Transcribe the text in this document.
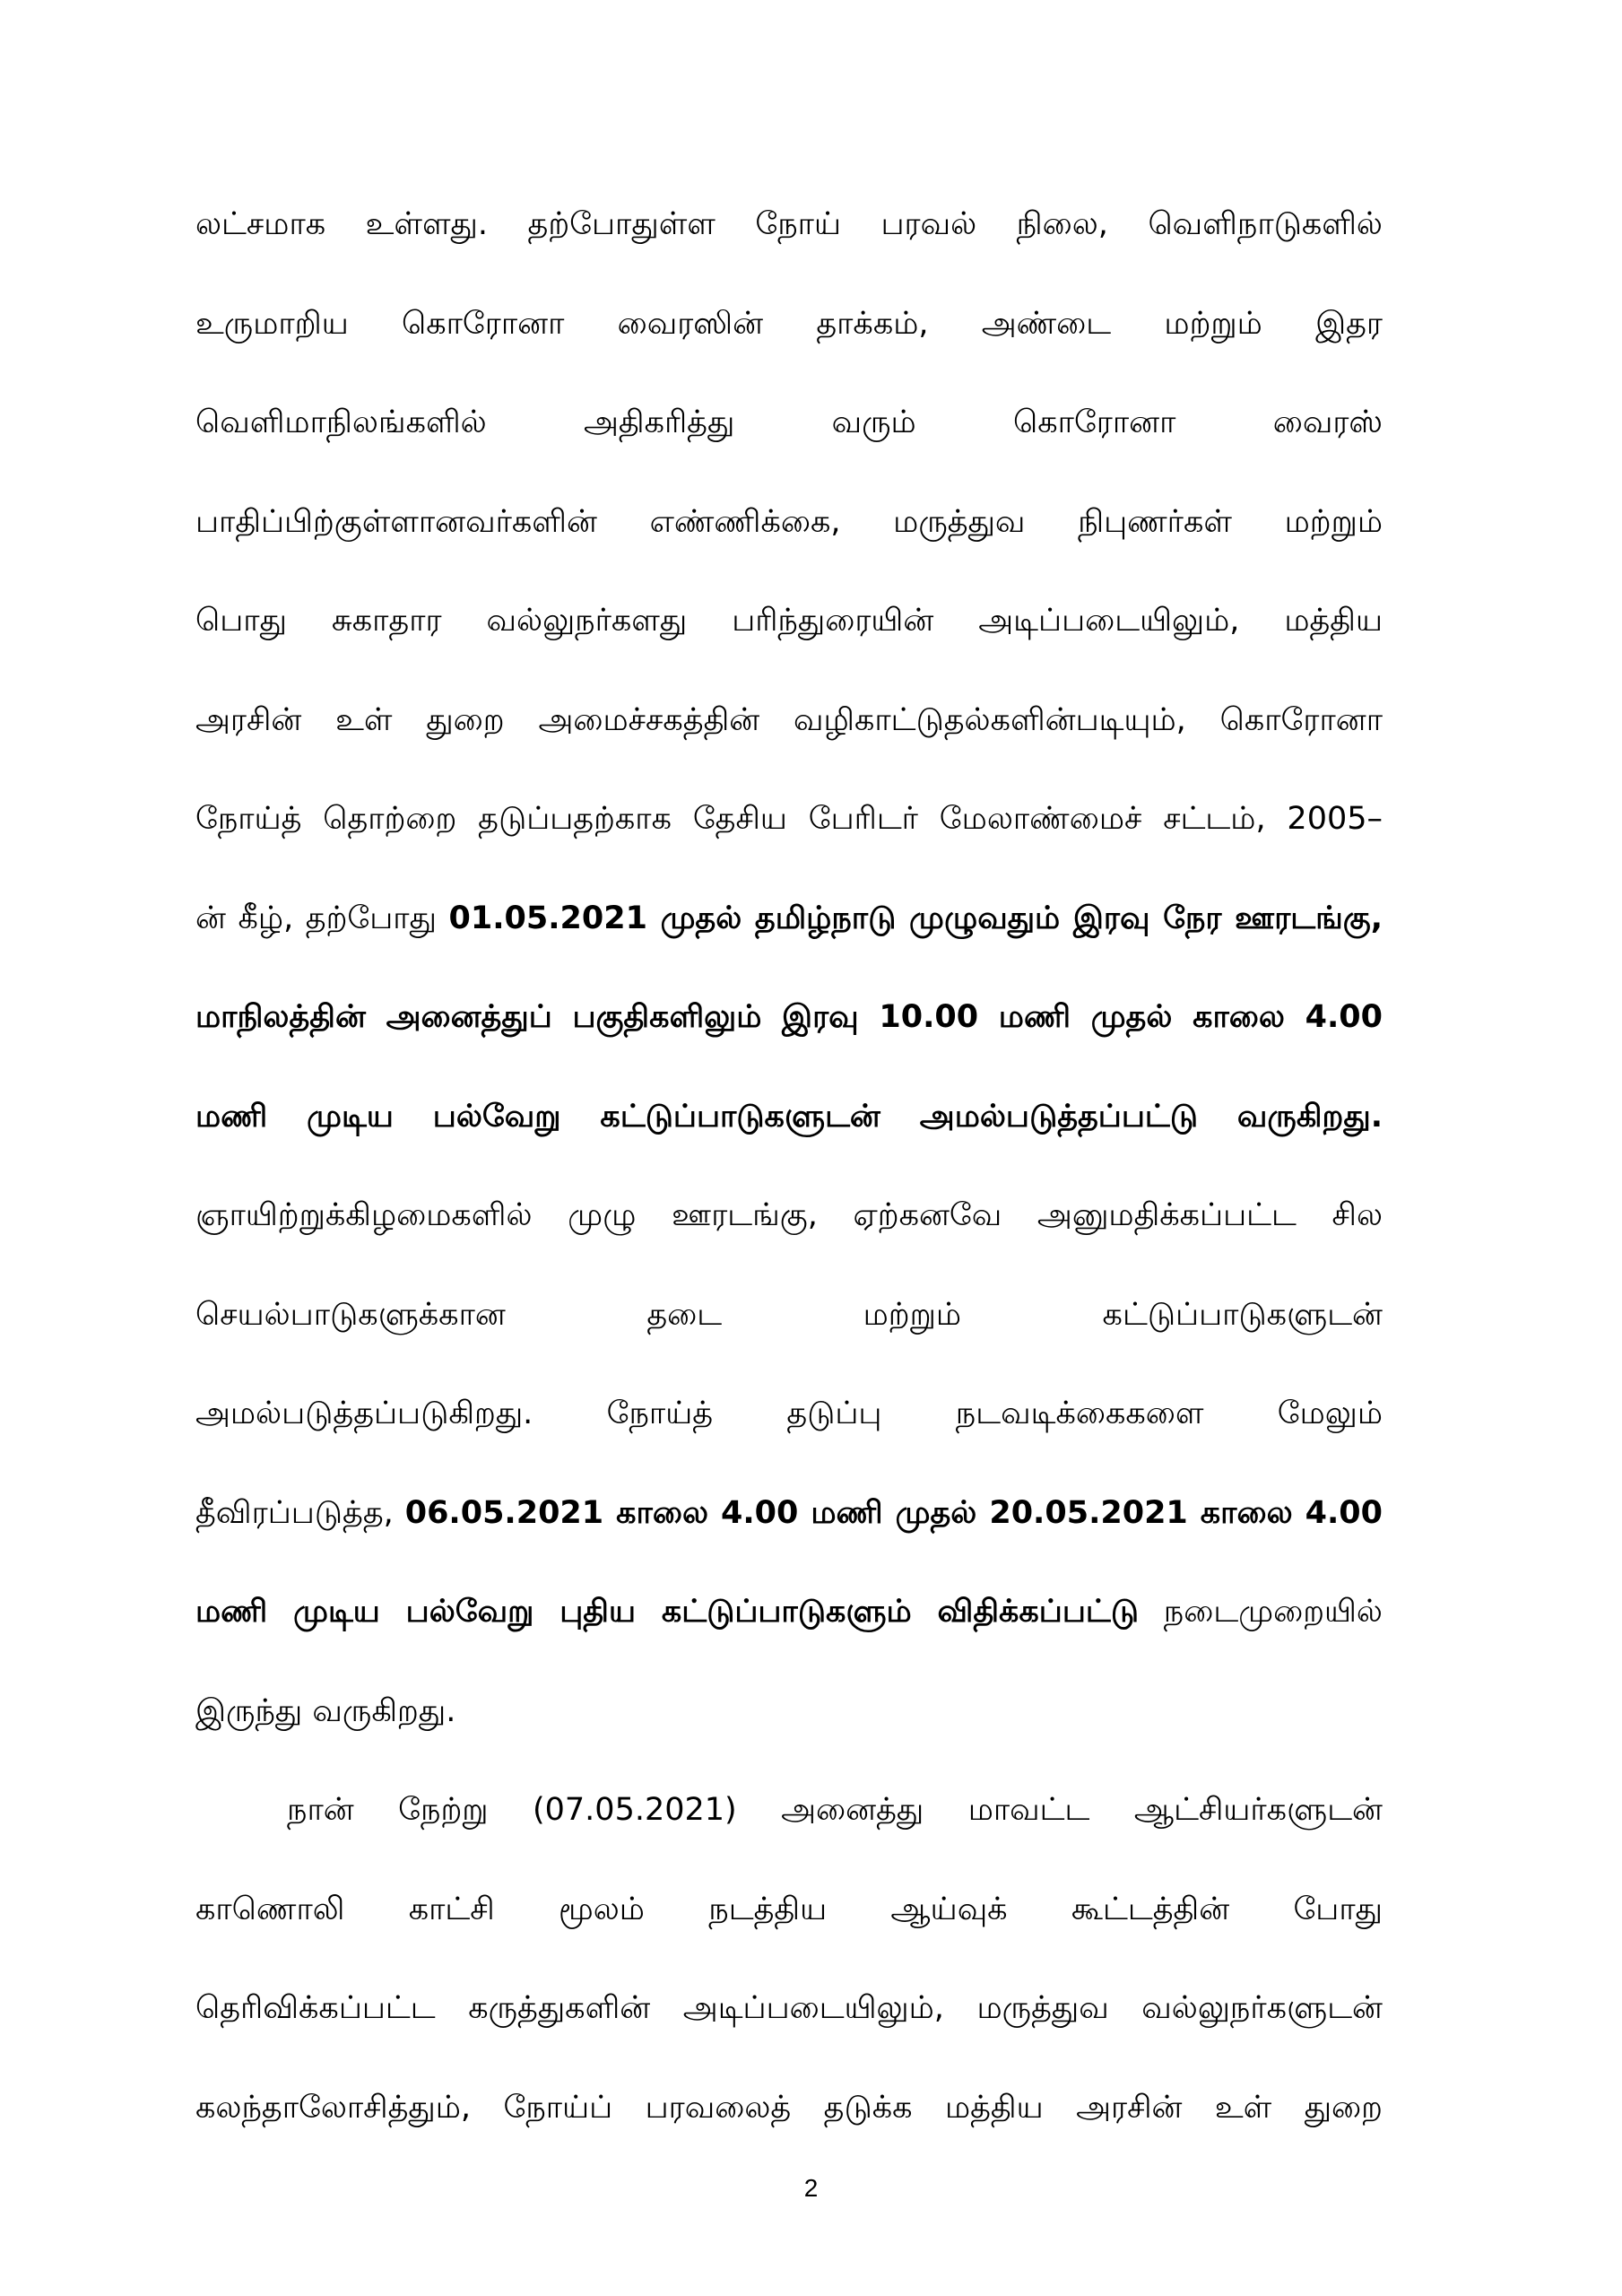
லட்சமாக உள்ளது. தற்போதுள்ள நோய் பரவல் நிலை, வெளிநாடுகளில்
உருமாறிய கொரோனா வைரஸின் தாக்கம், அண்டை மற்றும் இதர
வெளிமாநிலங்களில் அதிகரித்து வரும் கொரோனா வைரஸ்
பாதிப்பிற்குள்ளானவர்களின் எண்ணிக்கை, மருத்துவ நிபுணர்கள் மற்றும்
பொது சுகாதார வல்லுநர்களது பரிந்துரையின் அடிப்படையிலும், மத்திய
அரசின் உள் துறை அமைச்சகத்தின் வழிகாட்டுதல்களின்படியும், கொரோனா
நோய்த் தொற்றை தடுப்பதற்காக தேசிய பேரிடர் மேலாண்மைச் சட்டம், 2005–
ன் கீழ், தற்போது 01.05.2021 முதல் தமிழ்நாடு முழுவதும் இரவு நேர ஊரடங்கு,
மாநிலத்தின் அனைத்துப் பகுதிகளிலும் இரவு 10.00 மணி முதல் காலை 4.00
மணி முடிய பல்வேறு கட்டுப்பாடுகளுடன் அமல்படுத்தப்பட்டு வருகிறது.
ஞாயிற்றுக்கிழமைகளில் முழு ஊரடங்கு, ஏற்கனவே அனுமதிக்கப்பட்ட சில
செயல்பாடுகளுக்கான தடை மற்றும் கட்டுப்பாடுகளுடன்
அமல்படுத்தப்படுகிறது. நோய்த் தடுப்பு நடவடிக்கைகளை மேலும்
தீவிரப்படுத்த, 06.05.2021 காலை 4.00 மணி முதல் 20.05.2021 காலை 4.00
மணி முடிய பல்வேறு புதிய கட்டுப்பாடுகளும் விதிக்கப்பட்டு நடைமுறையில்
இருந்து வருகிறது.
நான் நேற்று (07.05.2021) அனைத்து மாவட்ட ஆட்சியர்களுடன்
காணொலி காட்சி மூலம் நடத்திய ஆய்வுக் கூட்டத்தின் போது
தெரிவிக்கப்பட்ட கருத்துகளின் அடிப்படையிலும், மருத்துவ வல்லுநர்களுடன்
கலந்தாலோசித்தும், நோய்ப் பரவலைத் தடுக்க மத்திய அரசின் உள் துறை
2
